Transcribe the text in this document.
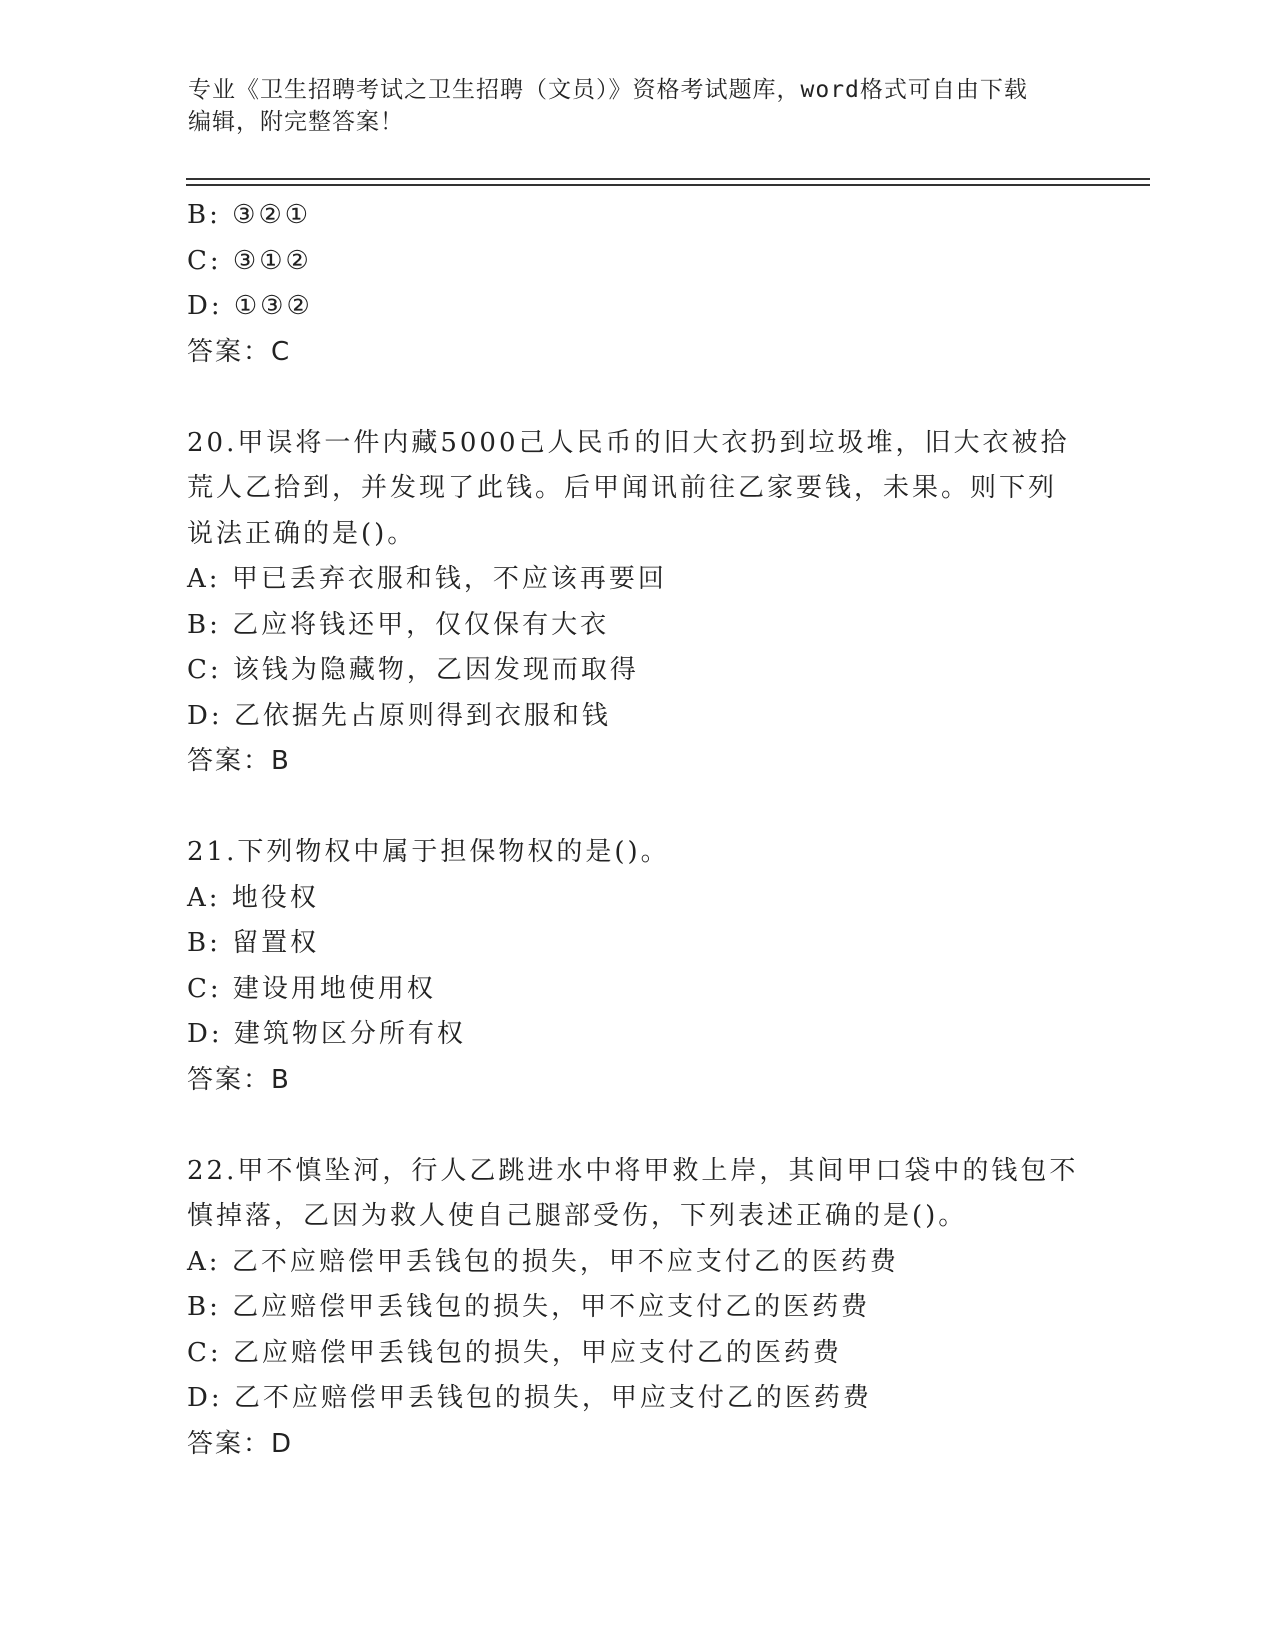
专业《卫生招聘考试之卫生招聘（文员）》资格考试题库，word格式可自由下载
编辑，附完整答案！
B: ③②①
C: ③①②
D: ①③②
答案：C
20.甲误将一件内藏5000己人民币的旧大衣扔到垃圾堆，旧大衣被拾
荒人乙拾到，并发现了此钱。后甲闻讯前往乙家要钱，未果。则下列
说法正确的是()。
A: 甲已丢弃衣服和钱，不应该再要回
B: 乙应将钱还甲，仅仅保有大衣
C: 该钱为隐藏物，乙因发现而取得
D: 乙依据先占原则得到衣服和钱
答案：B
21.下列物权中属于担保物权的是()。
A: 地役权
B: 留置权
C: 建设用地使用权
D: 建筑物区分所有权
答案：B
22.甲不慎坠河，行人乙跳进水中将甲救上岸，其间甲口袋中的钱包不
慎掉落，乙因为救人使自己腿部受伤，下列表述正确的是()。
A: 乙不应赔偿甲丢钱包的损失，甲不应支付乙的医药费
B: 乙应赔偿甲丢钱包的损失，甲不应支付乙的医药费
C: 乙应赔偿甲丢钱包的损失，甲应支付乙的医药费
D: 乙不应赔偿甲丢钱包的损失，甲应支付乙的医药费
答案：D
